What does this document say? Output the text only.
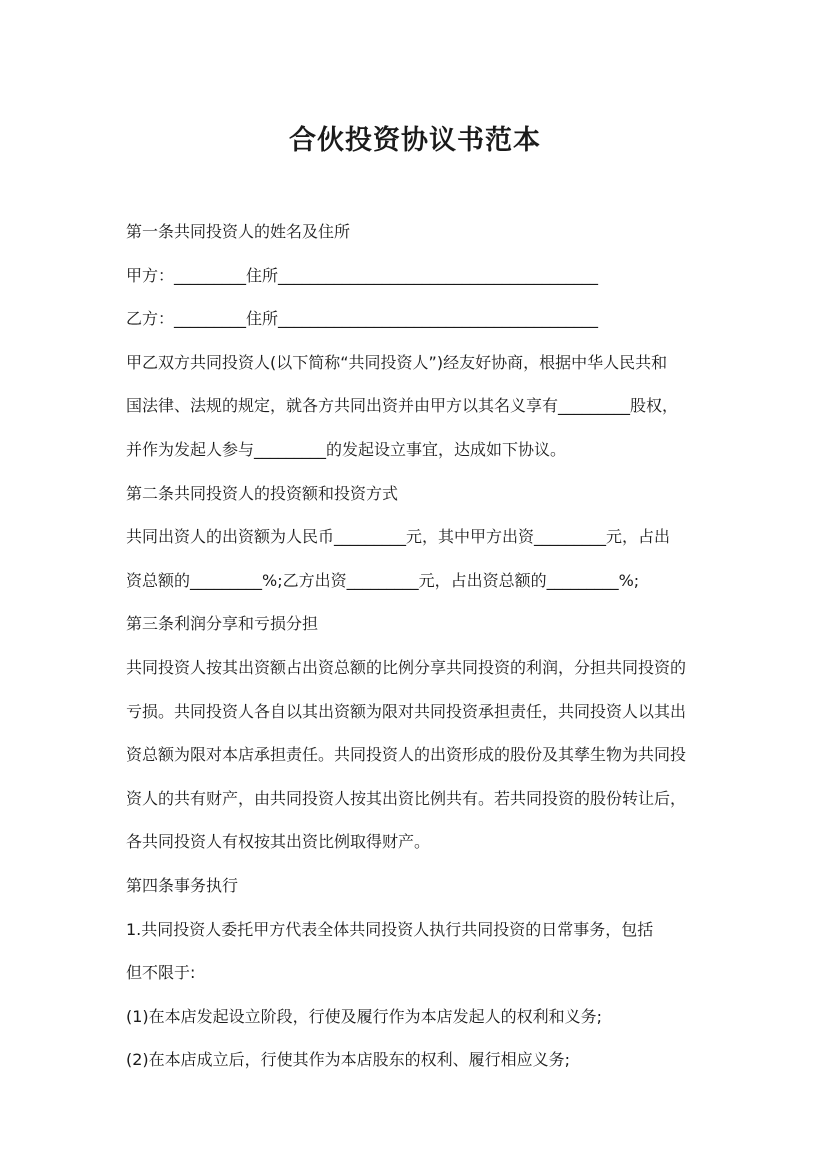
合伙投资协议书范本
第一条共同投资人的姓名及住所
甲方：_________住所________________________________________
乙方：_________住所________________________________________
甲乙双方共同投资人(以下简称“共同投资人”)经友好协商，根据中华人民共和
国法律、法规的规定，就各方共同出资并由甲方以其名义享有_________股权，
并作为发起人参与_________的发起设立事宜，达成如下协议。
第二条共同投资人的投资额和投资方式
共同出资人的出资额为人民币_________元，其中甲方出资_________元，占出
资总额的_________%;乙方出资_________元，占出资总额的_________%;
第三条利润分享和亏损分担
共同投资人按其出资额占出资总额的比例分享共同投资的利润，分担共同投资的
亏损。共同投资人各自以其出资额为限对共同投资承担责任，共同投资人以其出
资总额为限对本店承担责任。共同投资人的出资形成的股份及其孳生物为共同投
资人的共有财产，由共同投资人按其出资比例共有。若共同投资的股份转让后，
各共同投资人有权按其出资比例取得财产。
第四条事务执行
1.共同投资人委托甲方代表全体共同投资人执行共同投资的日常事务，包括
但不限于:
(1)在本店发起设立阶段，行使及履行作为本店发起人的权利和义务;
(2)在本店成立后，行使其作为本店股东的权利、履行相应义务;
